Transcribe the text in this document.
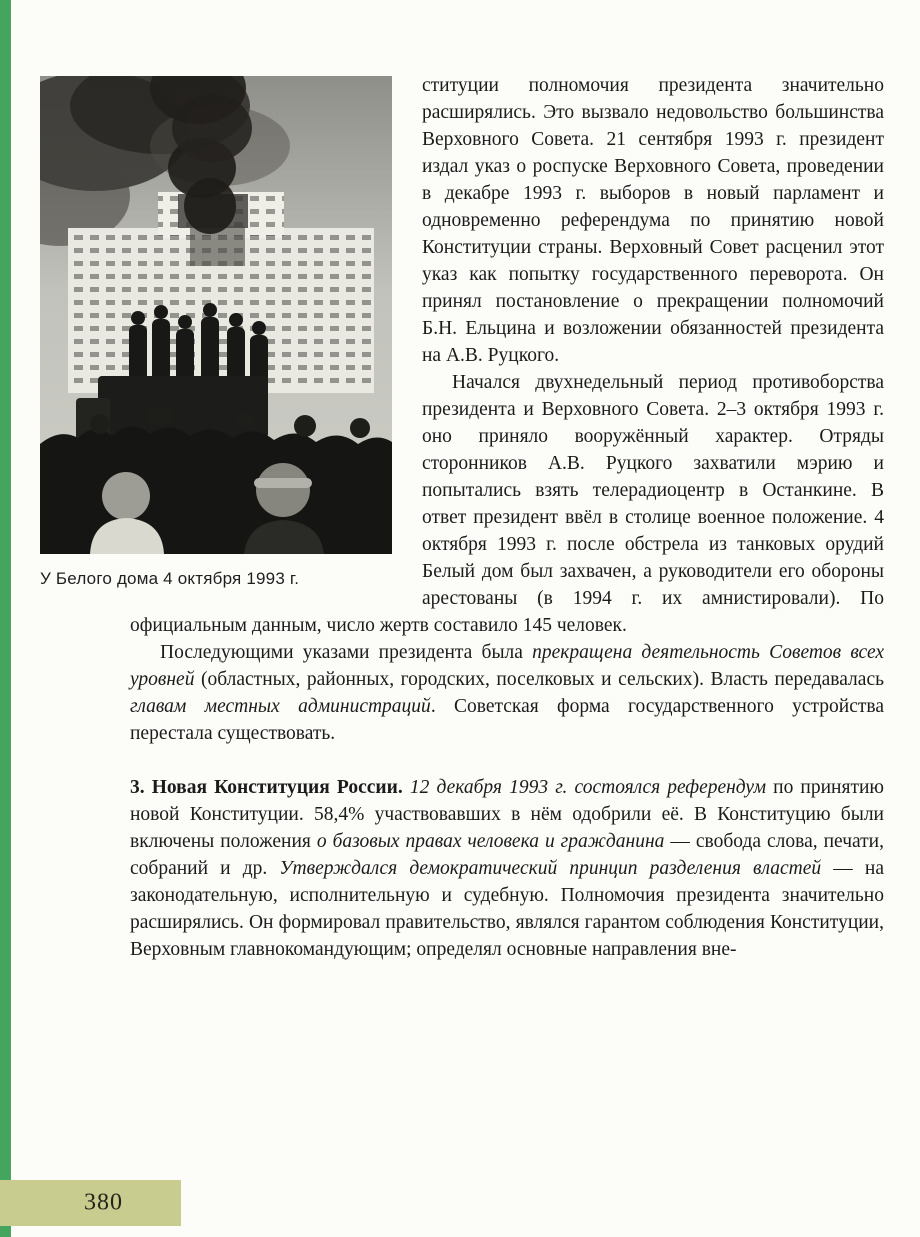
У Белого дома 4 октября 1993 г.

ституции полномочия президента значительно расширялись. Это вызвало недовольство большинства Верховного Совета. 21 сентября 1993 г. президент издал указ о роспуске Верховного Совета, проведении в декабре 1993 г. выборов в новый парламент и одновременно референдума по принятию новой Конституции страны. Верховный Совет расценил этот указ как попытку государственного переворота. Он принял постановление о прекращении полномочий Б.Н. Ельцина и возложении обязанностей президента на А.В. Руцкого.

Начался двухнедельный период противоборства президента и Верховного Совета. 2–3 октября 1993 г. оно приняло вооружённый характер. Отряды сторонников А.В. Руцкого захватили мэрию и попытались взять телерадиоцентр в Останкине. В ответ президент ввёл в столице военное положение. 4 октября 1993 г. после обстрела из танковых орудий Белый дом был захвачен, а руководители его обороны арестованы (в 1994 г. их амнистировали). По официальным данным, число жертв составило 145 человек.

Последующими указами президента была прекращена деятельность Советов всех уровней (областных, районных, городских, поселковых и сельских). Власть передавалась главам местных администраций. Советская форма государственного устройства перестала существовать.

3. Новая Конституция России. 12 декабря 1993 г. состоялся референдум по принятию новой Конституции. 58,4% участвовавших в нём одобрили её. В Конституцию были включены положения о базовых правах человека и гражданина — свобода слова, печати, собраний и др. Утверждался демократический принцип разделения властей — на законодательную, исполнительную и судебную. Полномочия президента значительно расширялись. Он формировал правительство, являлся гарантом соблюдения Конституции, Верховным главнокомандующим; определял основные направления вне-

380
